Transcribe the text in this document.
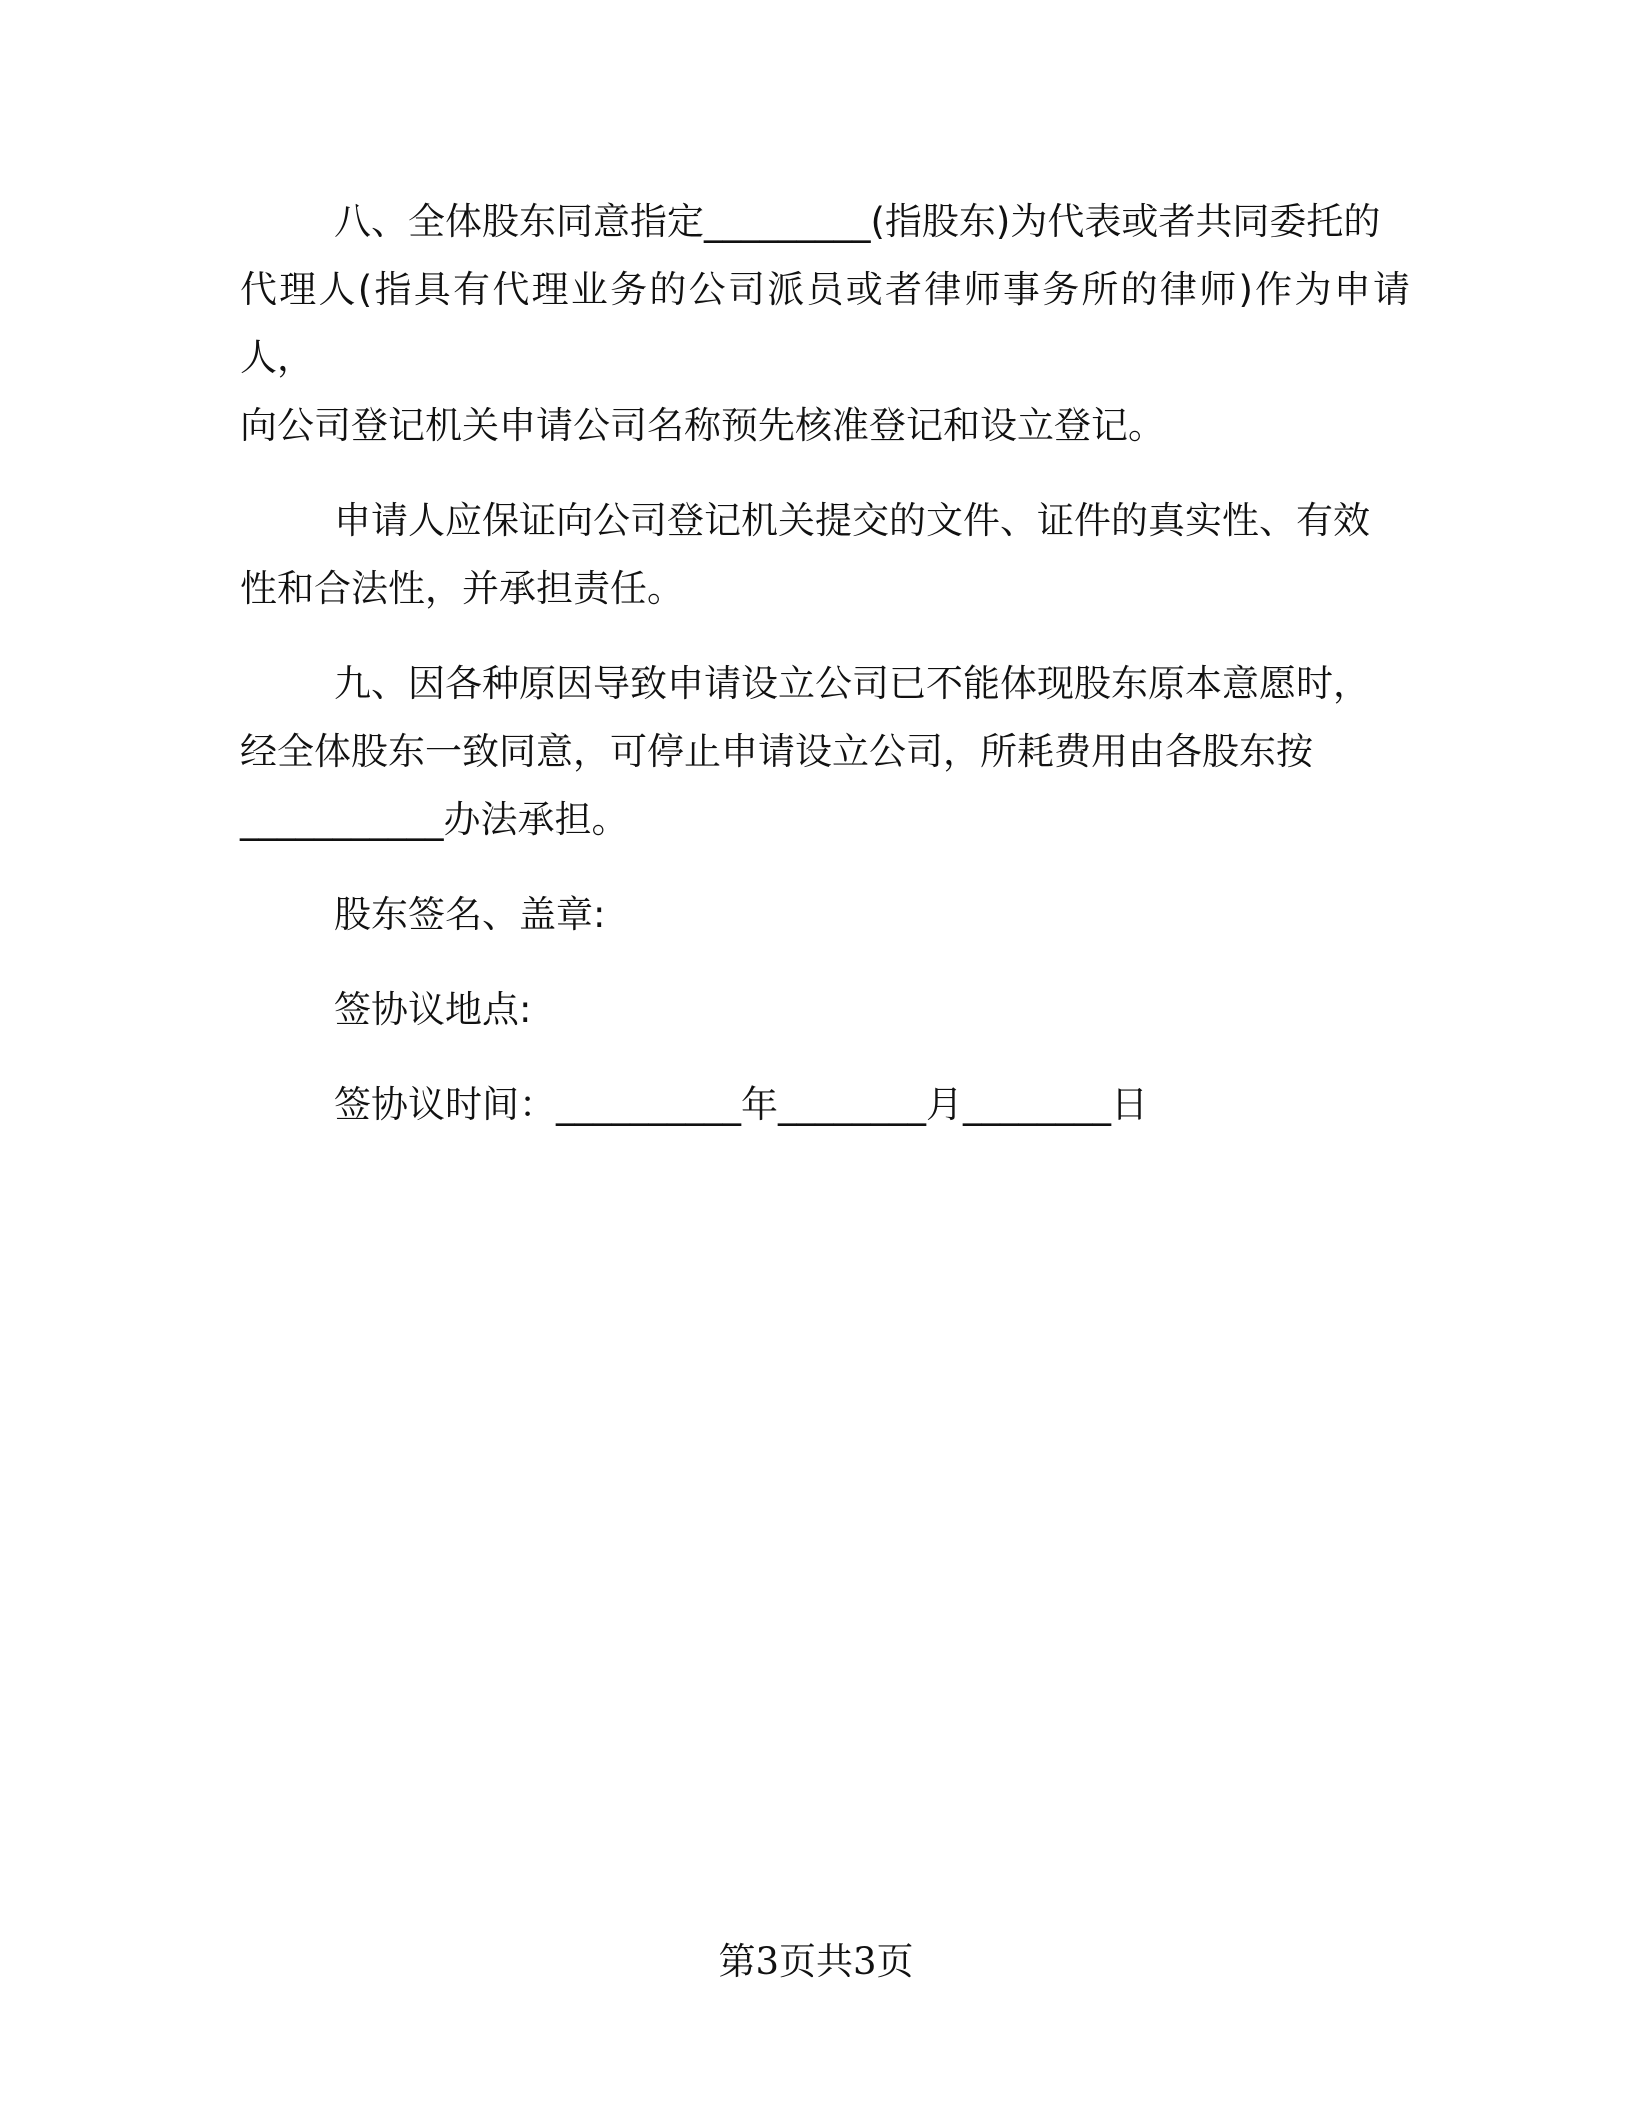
八、全体股东同意指定_________(指股东)为代表或者共同委托的
代理人(指具有代理业务的公司派员或者律师事务所的律师)作为申请人，
向公司登记机关申请公司名称预先核准登记和设立登记。
申请人应保证向公司登记机关提交的文件、证件的真实性、有效
性和合法性，并承担责任。
九、因各种原因导致申请设立公司已不能体现股东原本意愿时，
经全体股东一致同意，可停止申请设立公司，所耗费用由各股东按
___________办法承担。
股东签名、盖章:
签协议地点:
签协议时间：__________年________月________日
第3页共3页
